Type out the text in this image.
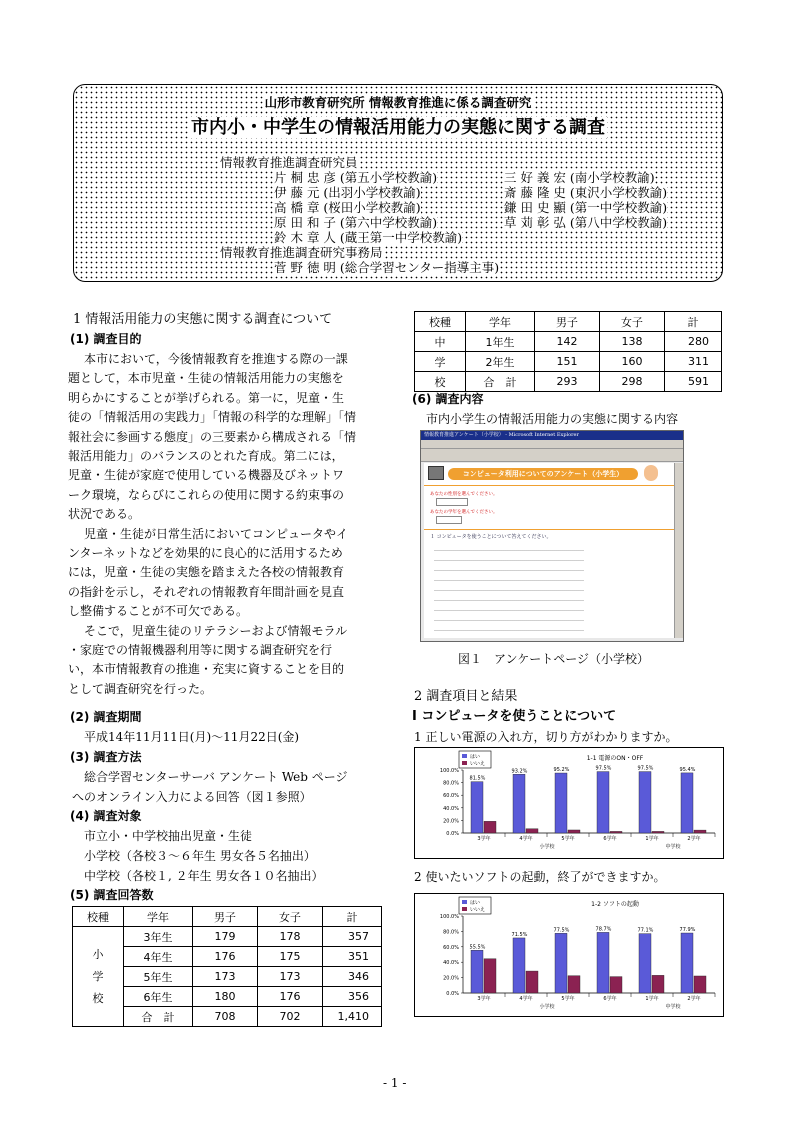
山形市教育研究所 情報教育推進に係る調査研究
市内小・中学生の情報活用能力の実態に関する調査
情報教育推進調査研究員
片 桐 忠 彦 (第五小学校教諭)	三 好 義 宏 (南小学校教諭)
伊 藤 元 (出羽小学校教諭)	斎 藤 隆 史 (東沢小学校教諭)
高 橋 章 (桜田小学校教諭)	鎌 田 史 顯 (第一中学校教諭)
原 田 和 子 (第六中学校教諭)	草 苅 彰 弘 (第八中学校教諭)
鈴 木 章 人 (蔵王第一中学校教諭)
情報教育推進調査研究事務局
菅 野 徳 明 (総合学習センター指導主事)
1 情報活用能力の実態に関する調査について
(1) 調査目的
本市において，今後情報教育を推進する際の一課
題として，本市児童・生徒の情報活用能力の実態を
明らかにすることが挙げられる。第一に，児童・生
徒の「情報活用の実践力」「情報の科学的な理解」「情
報社会に参画する態度」の三要素から構成される「情
報活用能力」のバランスのとれた育成。第二には，
児童・生徒が家庭で使用している機器及びネットワ
ーク環境，ならびにこれらの使用に関する約束事の
状況である。
児童・生徒が日常生活においてコンピュータやイ
ンターネットなどを効果的に良心的に活用するため
には，児童・生徒の実態を踏まえた各校の情報教育
の指針を示し，それぞれの情報教育年間計画を見直
し整備することが不可欠である。
そこで，児童生徒のリテラシーおよび情報モラル
・家庭での情報機器利用等に関する調査研究を行
い，本市情報教育の推進・充実に資することを目的
として調査研究を行った。
(2) 調査期間
平成14年11月11日(月)〜11月22日(金)
(3) 調査方法
総合学習センターサーバ アンケート Web ページ
へのオンライン入力による回答（図１参照）
(4) 調査対象
市立小・中学校抽出児童・生徒
小学校（各校３〜６年生 男女各５名抽出）
中学校（各校１, ２年生 男女各１０名抽出）
(5) 調査回答数
校種	学年	男子	女子	計

小
学
校	3年生	179	178	357
	4年生	176	175	351
	5年生	173	173	346
	6年生	180	176	356
	合　計	708	702	1,410
校種	学年	男子	女子	計
中	1年生	142	138	280
学	2年生	151	160	311
校	合　計	293	298	591
(6) 調査内容
市内小学生の情報活用能力の実態に関する内容
情報教育推進アンケート（小学校） - Microsoft Internet Explorer
コンピュータ利用についてのアンケート（小学生）
あなたの性別を選んでください。
あなたの学年を選んでください。
１ コンピュータを使うことについて答えてください。
図１　アンケートページ（小学校）
2 調査項目と結果
Ⅰ コンピュータを使うことについて
1 正しい電源の入れ方，切り方がわかりますか。
1-1 電源のON・OFF
はい
いいえ
0.0%
20.0%
40.0%
60.0%
80.0%
100.0%
81.5%
3学年
93.2%
4学年
95.2%
5学年
97.5%
6学年
97.5%
1学年
95.4%
2学年
小学校	中学校
2 使いたいソフトの起動，終了ができますか。
1-2 ソフトの起動
はい
いいえ
0.0%
20.0%
40.0%
60.0%
80.0%
100.0%
55.5%
3学年
71.5%
4学年
77.5%
5学年
78.7%
6学年
77.1%
1学年
77.9%
2学年
小学校	中学校
- 1 -
